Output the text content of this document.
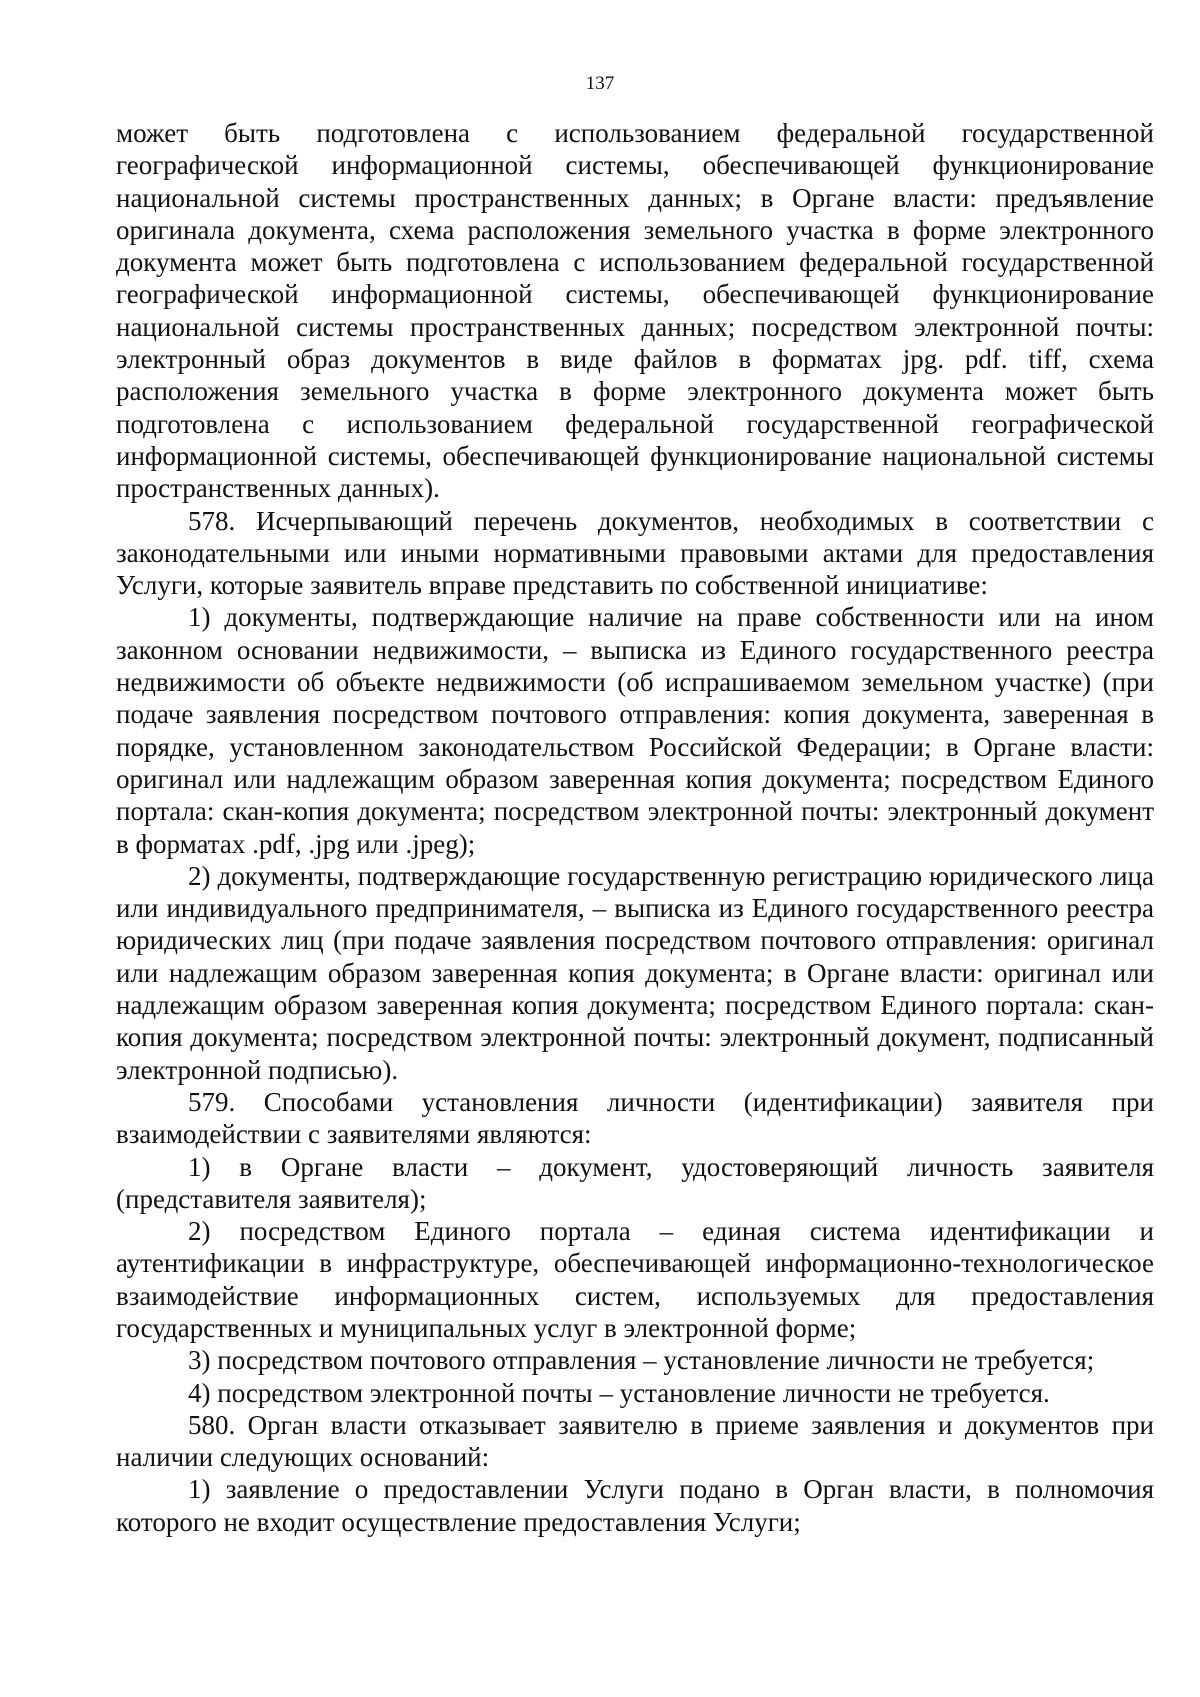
137

может быть подготовлена с использованием федеральной государственной географической информационной системы, обеспечивающей функционирование национальной системы пространственных данных; в Органе власти: предъявление оригинала документа, схема расположения земельного участка в форме электронного документа может быть подготовлена с использованием федеральной государственной географической информационной системы, обеспечивающей функционирование национальной системы пространственных данных; посредством электронной почты: электронный образ документов в виде файлов в форматах jpg. pdf. tiff, схема расположения земельного участка в форме электронного документа может быть подготовлена с использованием федеральной государственной географической информационной системы, обеспечивающей функционирование национальной системы пространственных данных).

578. Исчерпывающий перечень документов, необходимых в соответствии с законодательными или иными нормативными правовыми актами для предоставления Услуги, которые заявитель вправе представить по собственной инициативе:

1) документы, подтверждающие наличие на праве собственности или на ином законном основании недвижимости, – выписка из Единого государственного реестра недвижимости об объекте недвижимости (об испрашиваемом земельном участке) (при подаче заявления посредством почтового отправления: копия документа, заверенная в порядке, установленном законодательством Российской Федерации; в Органе власти: оригинал или надлежащим образом заверенная копия документа; посредством Единого портала: скан-копия документа; посредством электронной почты: электронный документ в форматах .pdf, .jpg или .jpeg);

2) документы, подтверждающие государственную регистрацию юридического лица или индивидуального предпринимателя, – выписка из Единого государственного реестра юридических лиц (при подаче заявления посредством почтового отправления: оригинал или надлежащим образом заверенная копия документа; в Органе власти: оригинал или надлежащим образом заверенная копия документа; посредством Единого портала: скан-копия документа; посредством электронной почты: электронный документ, подписанный электронной подписью).

579. Способами установления личности (идентификации) заявителя при взаимодействии с заявителями являются:

1) в Органе власти – документ, удостоверяющий личность заявителя (представителя заявителя);

2) посредством Единого портала – единая система идентификации и аутентификации в инфраструктуре, обеспечивающей информационно-технологическое взаимодействие информационных систем, используемых для предоставления государственных и муниципальных услуг в электронной форме;

3) посредством почтового отправления – установление личности не требуется;

4) посредством электронной почты – установление личности не требуется.

580. Орган власти отказывает заявителю в приеме заявления и документов при наличии следующих оснований:

1) заявление о предоставлении Услуги подано в Орган власти, в полномочия которого не входит осуществление предоставления Услуги;
